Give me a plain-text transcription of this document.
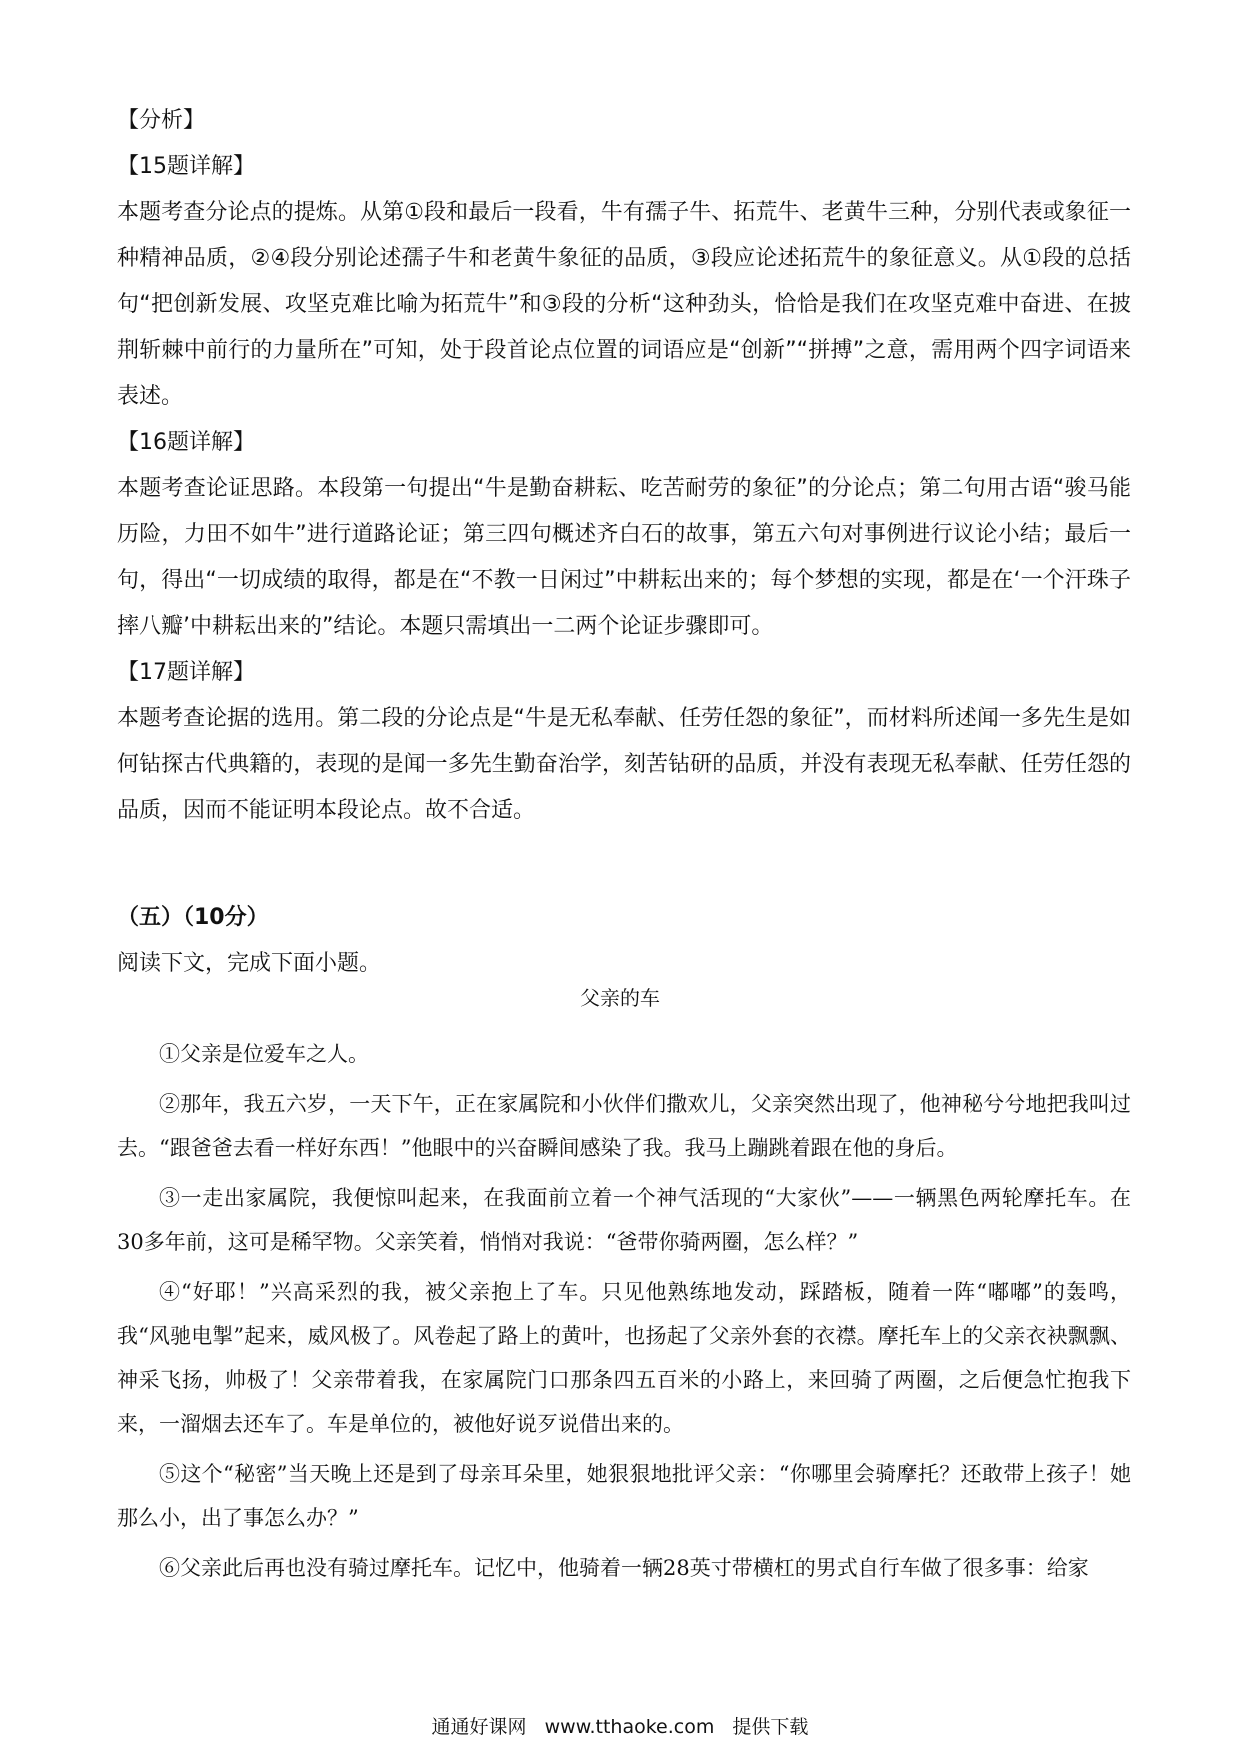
【分析】

【15题详解】

本题考查分论点的提炼。从第①段和最后一段看，牛有孺子牛、拓荒牛、老黄牛三种，分别代表或象征一种精神品质，②④段分别论述孺子牛和老黄牛象征的品质，③段应论述拓荒牛的象征意义。从①段的总括句“把创新发展、攻坚克难比喻为拓荒牛”和③段的分析“这种劲头，恰恰是我们在攻坚克难中奋进、在披荆斩棘中前行的力量所在”可知，处于段首论点位置的词语应是“创新”“拼搏”之意，需用两个四字词语来表述。

【16题详解】

本题考查论证思路。本段第一句提出“牛是勤奋耕耘、吃苦耐劳的象征”的分论点；第二句用古语“骏马能历险，力田不如牛”进行道路论证；第三四句概述齐白石的故事，第五六句对事例进行议论小结；最后一句，得出“一切成绩的取得，都是在“不教一日闲过”中耕耘出来的；每个梦想的实现，都是在‘一个汗珠子摔八瓣’中耕耘出来的”结论。本题只需填出一二两个论证步骤即可。

【17题详解】

本题考查论据的选用。第二段的分论点是“牛是无私奉献、任劳任怨的象征”，而材料所述闻一多先生是如何钻探古代典籍的，表现的是闻一多先生勤奋治学，刻苦钻研的品质，并没有表现无私奉献、任劳任怨的品质，因而不能证明本段论点。故不合适。

（五）（10分）

阅读下文，完成下面小题。

父亲的车

①父亲是位爱车之人。

②那年，我五六岁，一天下午，正在家属院和小伙伴们撒欢儿，父亲突然出现了，他神秘兮兮地把我叫过去。“跟爸爸去看一样好东西！”他眼中的兴奋瞬间感染了我。我马上蹦跳着跟在他的身后。

③一走出家属院，我便惊叫起来，在我面前立着一个神气活现的“大家伙”——一辆黑色两轮摩托车。在30多年前，这可是稀罕物。父亲笑着，悄悄对我说：“爸带你骑两圈，怎么样？”

④“好耶！”兴高采烈的我，被父亲抱上了车。只见他熟练地发动，踩踏板，随着一阵“嘟嘟”的轰鸣，我“风驰电掣”起来，威风极了。风卷起了路上的黄叶，也扬起了父亲外套的衣襟。摩托车上的父亲衣袂飘飘、神采飞扬，帅极了！父亲带着我，在家属院门口那条四五百米的小路上，来回骑了两圈，之后便急忙抱我下来，一溜烟去还车了。车是单位的，被他好说歹说借出来的。

⑤这个“秘密”当天晚上还是到了母亲耳朵里，她狠狠地批评父亲：“你哪里会骑摩托？还敢带上孩子！她那么小，出了事怎么办？”

⑥父亲此后再也没有骑过摩托车。记忆中，他骑着一辆28英寸带横杠的男式自行车做了很多事：给家

通通好课网 www.tthaoke.com 提供下载
